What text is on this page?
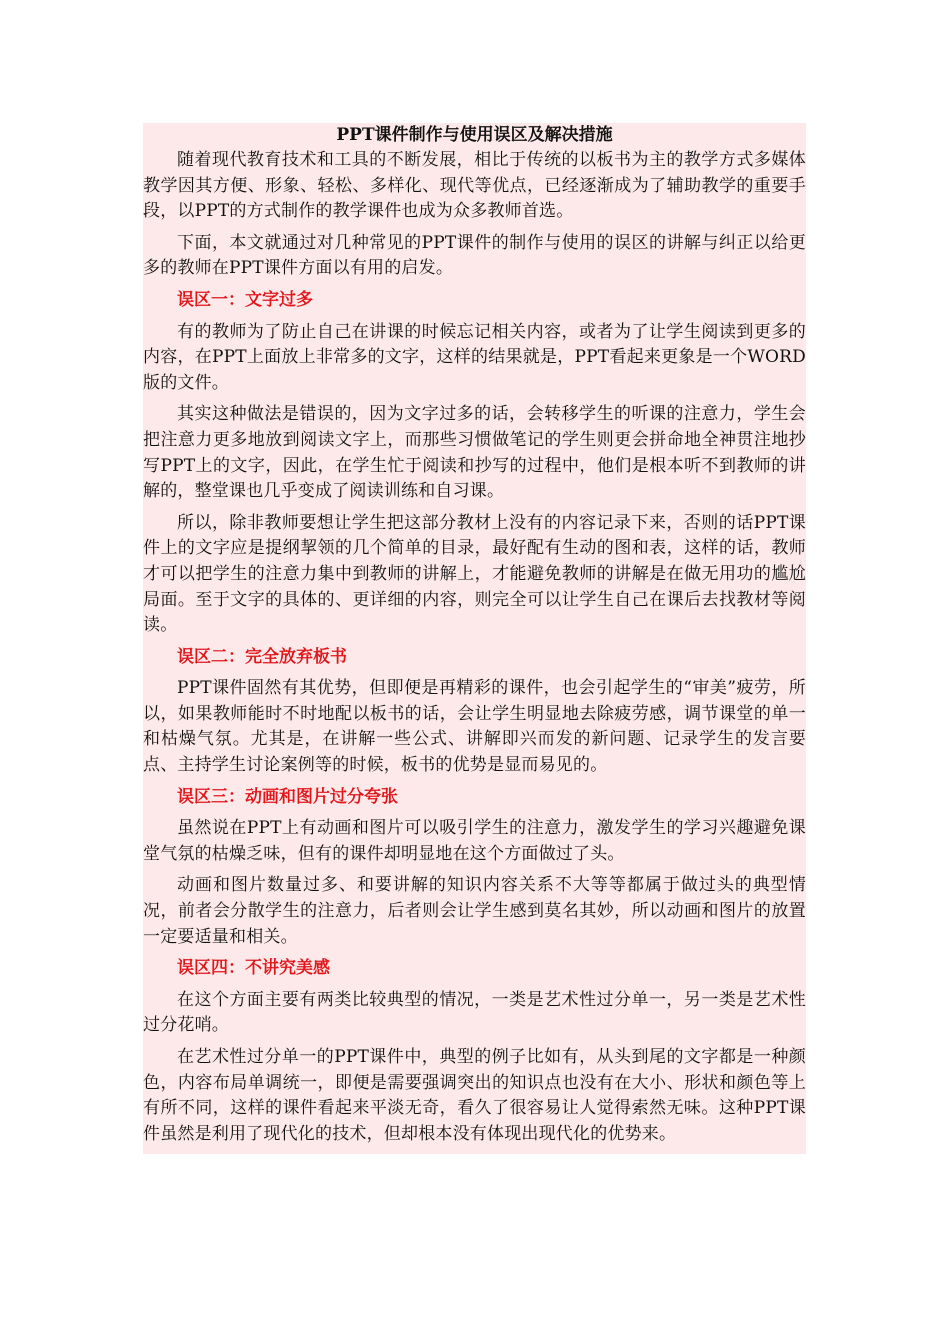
PPT课件制作与使用误区及解决措施

随着现代教育技术和工具的不断发展，相比于传统的以板书为主的教学方式多媒体教学因其方便、形象、轻松、多样化、现代等优点，已经逐渐成为了辅助教学的重要手段，以PPT的方式制作的教学课件也成为众多教师首选。

下面，本文就通过对几种常见的PPT课件的制作与使用的误区的讲解与纠正以给更多的教师在PPT课件方面以有用的启发。

误区一：文字过多

有的教师为了防止自己在讲课的时候忘记相关内容，或者为了让学生阅读到更多的内容，在PPT上面放上非常多的文字，这样的结果就是，PPT看起来更象是一个WORD版的文件。

其实这种做法是错误的，因为文字过多的话，会转移学生的听课的注意力，学生会把注意力更多地放到阅读文字上，而那些习惯做笔记的学生则更会拼命地全神贯注地抄写PPT上的文字，因此，在学生忙于阅读和抄写的过程中，他们是根本听不到教师的讲解的，整堂课也几乎变成了阅读训练和自习课。

所以，除非教师要想让学生把这部分教材上没有的内容记录下来，否则的话PPT课件上的文字应是提纲挈领的几个简单的目录，最好配有生动的图和表，这样的话，教师才可以把学生的注意力集中到教师的讲解上，才能避免教师的讲解是在做无用功的尴尬局面。至于文字的具体的、更详细的内容，则完全可以让学生自己在课后去找教材等阅读。

误区二：完全放弃板书

PPT课件固然有其优势，但即便是再精彩的课件，也会引起学生的“审美”疲劳，所以，如果教师能时不时地配以板书的话，会让学生明显地去除疲劳感，调节课堂的单一和枯燥气氛。尤其是，在讲解一些公式、讲解即兴而发的新问题、记录学生的发言要点、主持学生讨论案例等的时候，板书的优势是显而易见的。

误区三：动画和图片过分夸张

虽然说在PPT上有动画和图片可以吸引学生的注意力，激发学生的学习兴趣避免课堂气氛的枯燥乏味，但有的课件却明显地在这个方面做过了头。

动画和图片数量过多、和要讲解的知识内容关系不大等等都属于做过头的典型情况，前者会分散学生的注意力，后者则会让学生感到莫名其妙，所以动画和图片的放置一定要适量和相关。

误区四：不讲究美感

在这个方面主要有两类比较典型的情况，一类是艺术性过分单一，另一类是艺术性过分花哨。

在艺术性过分单一的PPT课件中，典型的例子比如有，从头到尾的文字都是一种颜色，内容布局单调统一，即便是需要强调突出的知识点也没有在大小、形状和颜色等上有所不同，这样的课件看起来平淡无奇，看久了很容易让人觉得索然无味。这种PPT课件虽然是利用了现代化的技术，但却根本没有体现出现代化的优势来。
